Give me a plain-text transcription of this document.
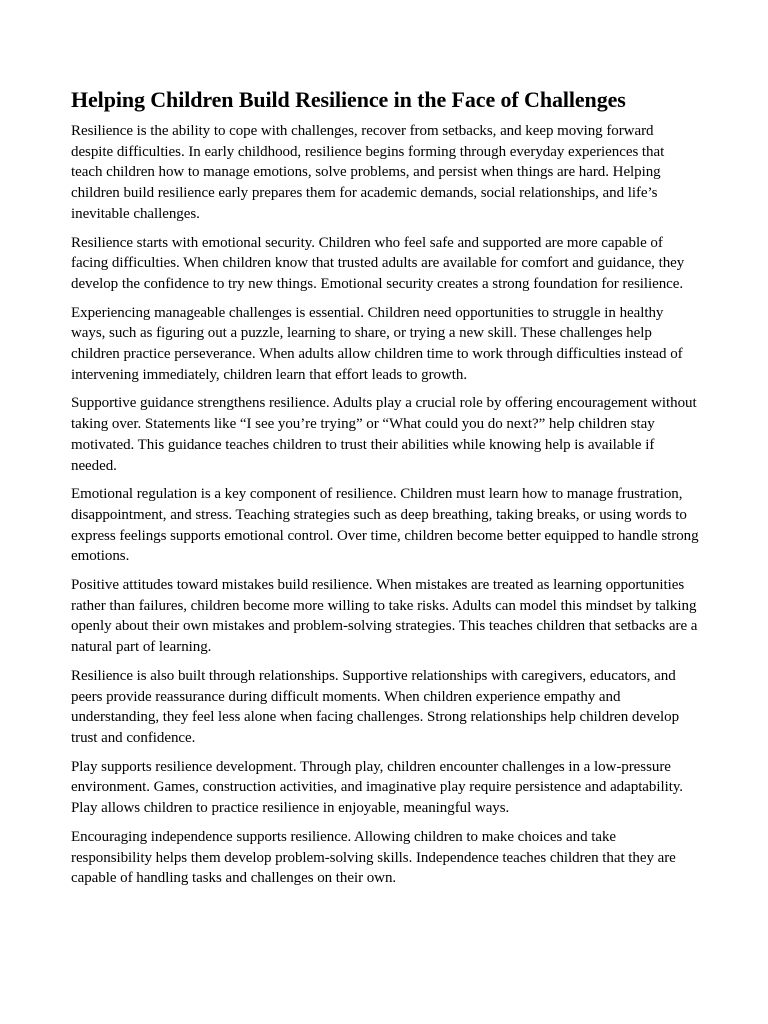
Helping Children Build Resilience in the Face of Challenges

Resilience is the ability to cope with challenges, recover from setbacks, and keep moving forward despite difficulties. In early childhood, resilience begins forming through everyday experiences that teach children how to manage emotions, solve problems, and persist when things are hard. Helping children build resilience early prepares them for academic demands, social relationships, and life’s inevitable challenges.

Resilience starts with emotional security. Children who feel safe and supported are more capable of facing difficulties. When children know that trusted adults are available for comfort and guidance, they develop the confidence to try new things. Emotional security creates a strong foundation for resilience.

Experiencing manageable challenges is essential. Children need opportunities to struggle in healthy ways, such as figuring out a puzzle, learning to share, or trying a new skill. These challenges help children practice perseverance. When adults allow children time to work through difficulties instead of intervening immediately, children learn that effort leads to growth.

Supportive guidance strengthens resilience. Adults play a crucial role by offering encouragement without taking over. Statements like “I see you’re trying” or “What could you do next?” help children stay motivated. This guidance teaches children to trust their abilities while knowing help is available if needed.

Emotional regulation is a key component of resilience. Children must learn how to manage frustration, disappointment, and stress. Teaching strategies such as deep breathing, taking breaks, or using words to express feelings supports emotional control. Over time, children become better equipped to handle strong emotions.

Positive attitudes toward mistakes build resilience. When mistakes are treated as learning opportunities rather than failures, children become more willing to take risks. Adults can model this mindset by talking openly about their own mistakes and problem-solving strategies. This teaches children that setbacks are a natural part of learning.

Resilience is also built through relationships. Supportive relationships with caregivers, educators, and peers provide reassurance during difficult moments. When children experience empathy and understanding, they feel less alone when facing challenges. Strong relationships help children develop trust and confidence.

Play supports resilience development. Through play, children encounter challenges in a low-pressure environment. Games, construction activities, and imaginative play require persistence and adaptability. Play allows children to practice resilience in enjoyable, meaningful ways.

Encouraging independence supports resilience. Allowing children to make choices and take responsibility helps them develop problem-solving skills. Independence teaches children that they are capable of handling tasks and challenges on their own.
